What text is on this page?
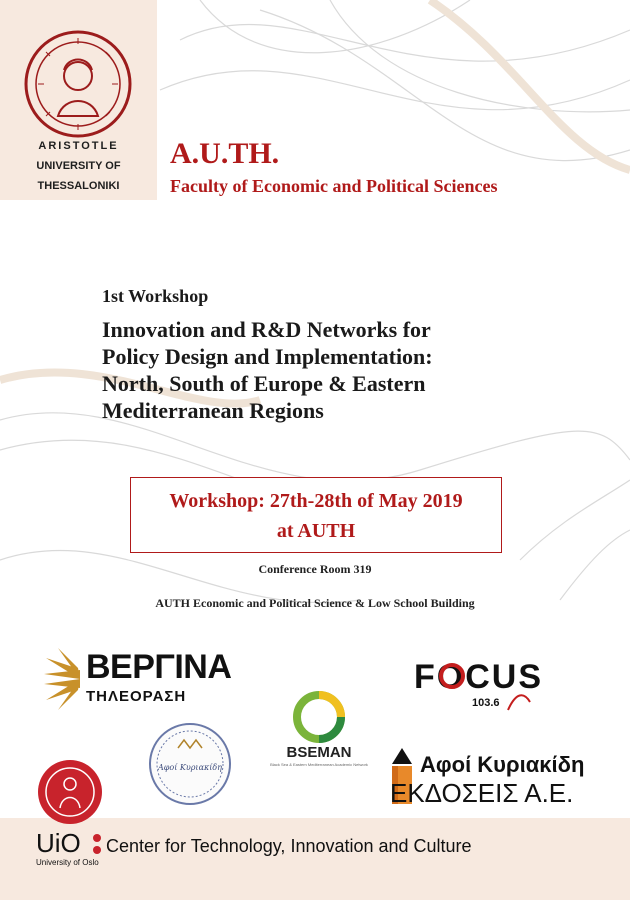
ARISTOTLE
UNIVERSITY OF
THESSALONIKI
A.U.TH.
Faculty of Economic and Political Sciences
1st Workshop
Innovation and R&D Networks for
Policy Design and Implementation:
North, South of Europe & Eastern
Mediterranean Regions
Workshop: 27th-28th of May 2019
at AUTH
Conference Room 319
AUTH Economic and Political Science & Low School Building
ΒΕΡΓΙΝΑ
ΤΗΛΕΟΡΑΣΗ
FOCUS
103.6
BSEMAN
Black Sea & Eastern Mediterranean Academic Network
Αφοί Κυριακίδη	Αφοί Κυριακίδη
ΕΚΔΟΣΕΙΣ Α.Ε.
UiO
University of Oslo
Center for Technology, Innovation and Culture
